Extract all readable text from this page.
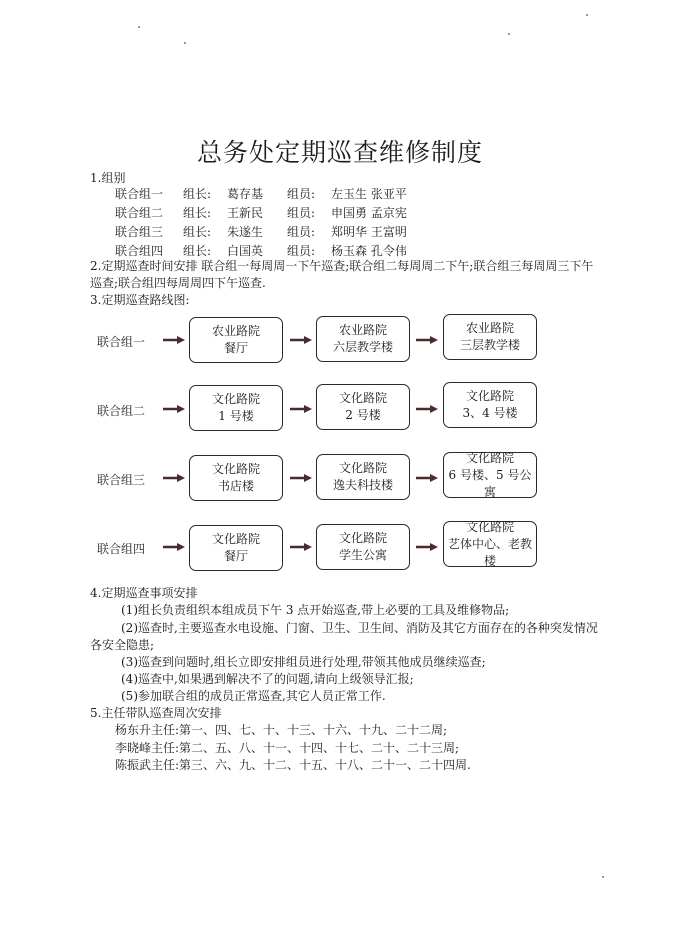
总务处定期巡查维修制度
1.组别
联合组一 组长: 葛存基 组员: 左玉生 张亚平
联合组二 组长: 王新民 组员: 申国勇 孟京宪
联合组三 组长: 朱遂生 组员: 郑明华 王富明
联合组四 组长: 白国英 组员: 杨玉森 孔令伟
2.定期巡查时间安排 联合组一每周周一下午巡查;联合组二每周周二下午;联合组三每周周三下午
巡查;联合组四每周周四下午巡查.
3.定期巡查路线图:
联合组一
农业路院
餐厅
农业路院
六层教学楼
农业路院
三层教学楼
联合组二
文化路院
1 号楼
文化路院
2 号楼
文化路院
3、4 号楼
联合组三
文化路院
书店楼
文化路院
逸夫科技楼
文化路院
6 号楼、5 号公寓
联合组四
文化路院
餐厅
文化路院
学生公寓
文化路院
艺体中心、老教楼
4.定期巡查事项安排
(1)组长负责组织本组成员下午 3 点开始巡查,带上必要的工具及维修物品;
(2)巡查时,主要巡查水电设施、门窗、卫生、卫生间、消防及其它方面存在的各种突发情况
各安全隐患;
(3)巡查到问题时,组长立即安排组员进行处理,带领其他成员继续巡查;
(4)巡查中,如果遇到解决不了的问题,请向上级领导汇报;
(5)参加联合组的成员正常巡查,其它人员正常工作.
5.主任带队巡查周次安排
杨东升主任:第一、四、七、十、十三、十六、十九、二十二周;
李晓峰主任:第二、五、八、十一、十四、十七、二十、二十三周;
陈振武主任:第三、六、九、十二、十五、十八、二十一、二十四周.
